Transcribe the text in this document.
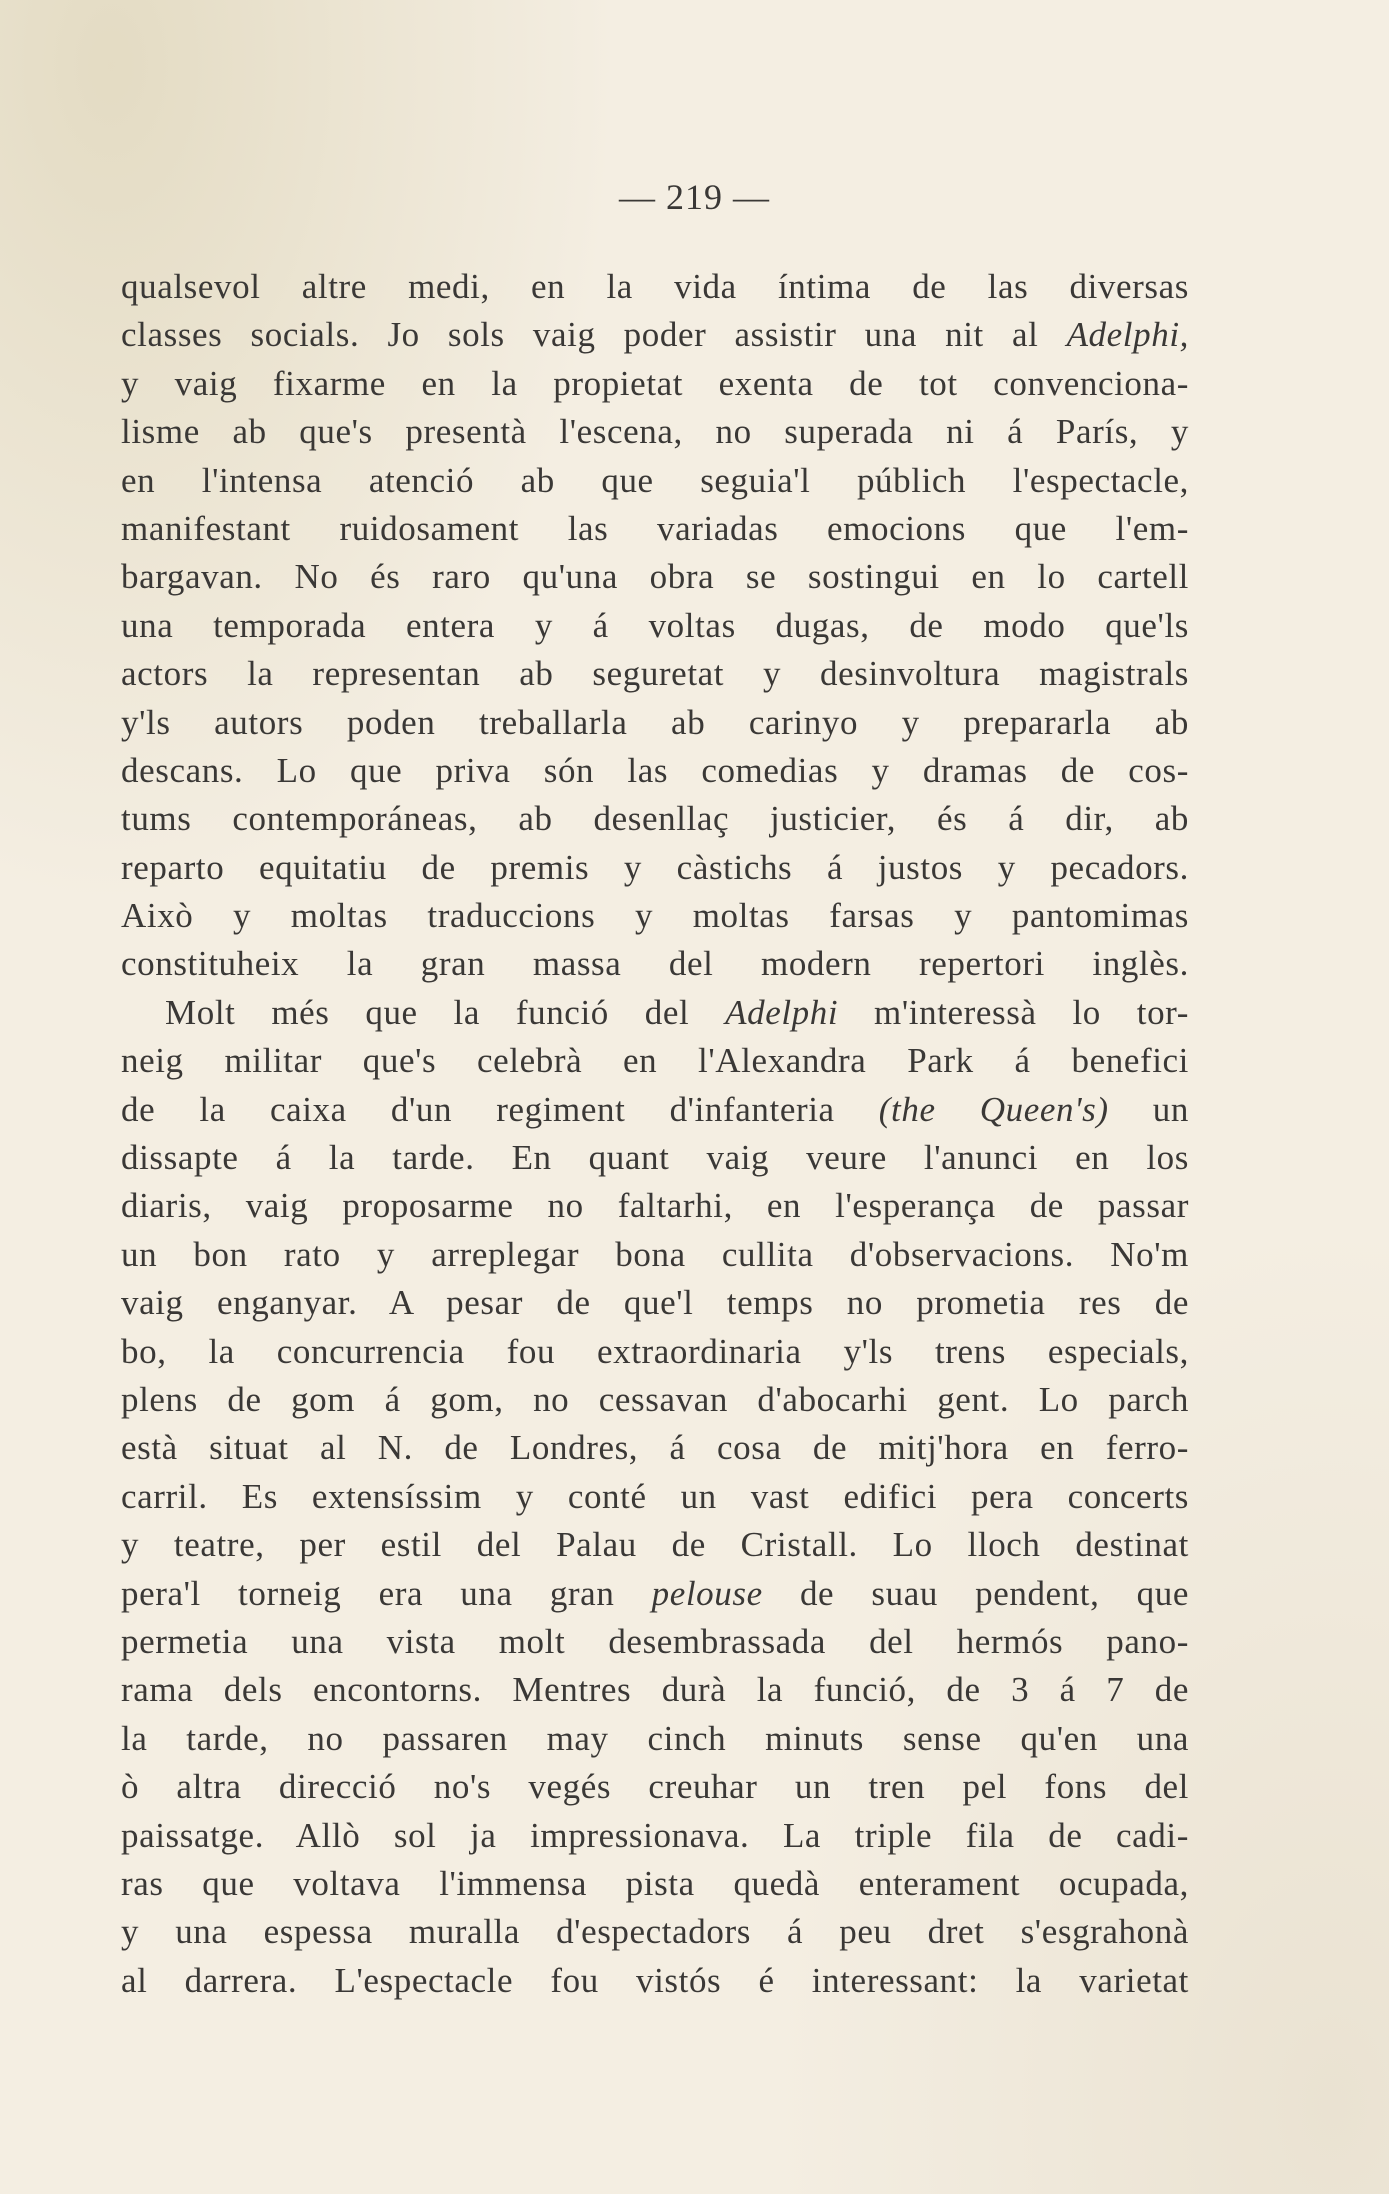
— 219 —
qualsevol altre medi, en la vida íntima de las diversas
classes socials. Jo sols vaig poder assistir una nit al Adelphi,
y vaig fixarme en la propietat exenta de tot convenciona-
lisme ab que's presentà l'escena, no superada ni á París, y
en l'intensa atenció ab que seguia'l públich l'espectacle,
manifestant ruidosament las variadas emocions que l'em-
bargavan. No és raro qu'una obra se sostingui en lo cartell
una temporada entera y á voltas dugas, de modo que'ls
actors la representan ab seguretat y desinvoltura magistrals
y'ls autors poden treballarla ab carinyo y prepararla ab
descans. Lo que priva són las comedias y dramas de cos-
tums contemporáneas, ab desenllaç justicier, és á dir, ab
reparto equitatiu de premis y càstichs á justos y pecadors.
Això y moltas traduccions y moltas farsas y pantomimas
constituheix la gran massa del modern repertori inglès.
Molt més que la funció del Adelphi m'interessà lo tor-
neig militar que's celebrà en l'Alexandra Park á benefici
de la caixa d'un regiment d'infanteria (the Queen's) un
dissapte á la tarde. En quant vaig veure l'anunci en los
diaris, vaig proposarme no faltarhi, en l'esperança de passar
un bon rato y arreplegar bona cullita d'observacions. No'm
vaig enganyar. A pesar de que'l temps no prometia res de
bo, la concurrencia fou extraordinaria y'ls trens especials,
plens de gom á gom, no cessavan d'abocarhi gent. Lo parch
està situat al N. de Londres, á cosa de mitj'hora en ferro-
carril. Es extensíssim y conté un vast edifici pera concerts
y teatre, per estil del Palau de Cristall. Lo lloch destinat
pera'l torneig era una gran pelouse de suau pendent, que
permetia una vista molt desembrassada del hermós pano-
rama dels encontorns. Mentres durà la funció, de 3 á 7 de
la tarde, no passaren may cinch minuts sense qu'en una
ò altra direcció no's vegés creuhar un tren pel fons del
paissatge. Allò sol ja impressionava. La triple fila de cadi-
ras que voltava l'immensa pista quedà enterament ocupada,
y una espessa muralla d'espectadors á peu dret s'esgrahonà
al darrera. L'espectacle fou vistós é interessant: la varietat
